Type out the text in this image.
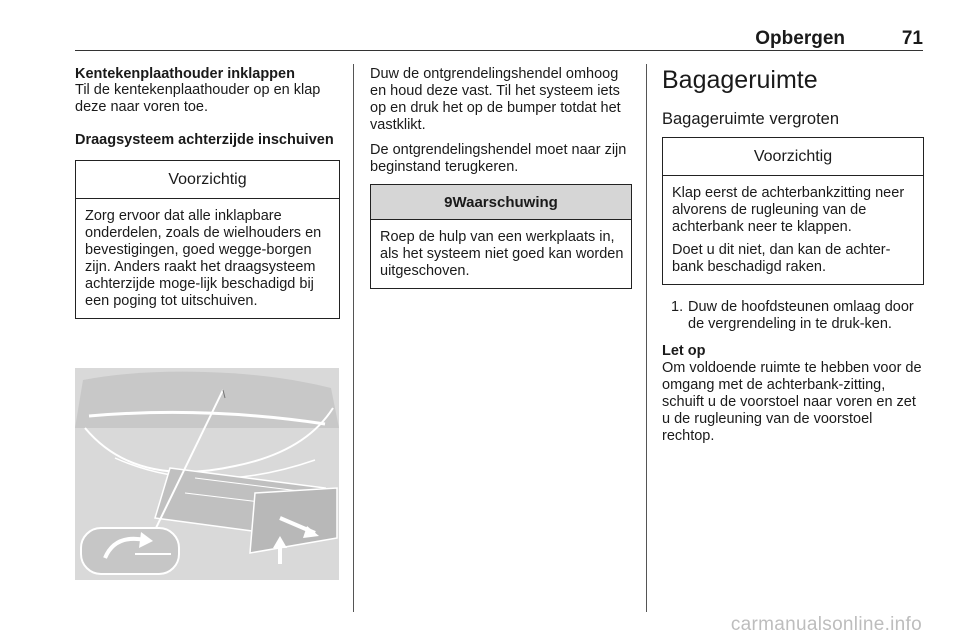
Opbergen	71
Kentekenplaathouder inklappen

Til de kentekenplaathouder op en klap deze naar voren toe.

Draagsysteem achterzijde inschuiven
Voorzichtig

Zorg ervoor dat alle inklapbare onderdelen, zoals de wielhouders en bevestigingen, goed wegge-borgen zijn. Anders raakt het draagsysteem achterzijde moge-lijk beschadigd bij een poging tot uitschuiven.

Duw de ontgrendelingshendel omhoog en houd deze vast. Til het systeem iets op en druk het op de bumper totdat het vastklikt.

De ontgrendelingshendel moet naar zijn beginstand terugkeren.

9Waarschuwing

Roep de hulp van een werkplaats in, als het systeem niet goed kan worden uitgeschoven.

Bagageruimte
Bagageruimte vergroten
Voorzichtig

Klap eerst de achterbankzitting neer alvorens de rugleuning van de achterbank neer te klappen.

Doet u dit niet, dan kan de achter-bank beschadigd raken.

1. Duw de hoofdsteunen omlaag door de vergrendeling in te druk-ken.
Let op

Om voldoende ruimte te hebben voor de omgang met de achterbank-zitting, schuift u de voorstoel naar voren en zet u de rugleuning van de voorstoel rechtop.

carmanualsonline.info
